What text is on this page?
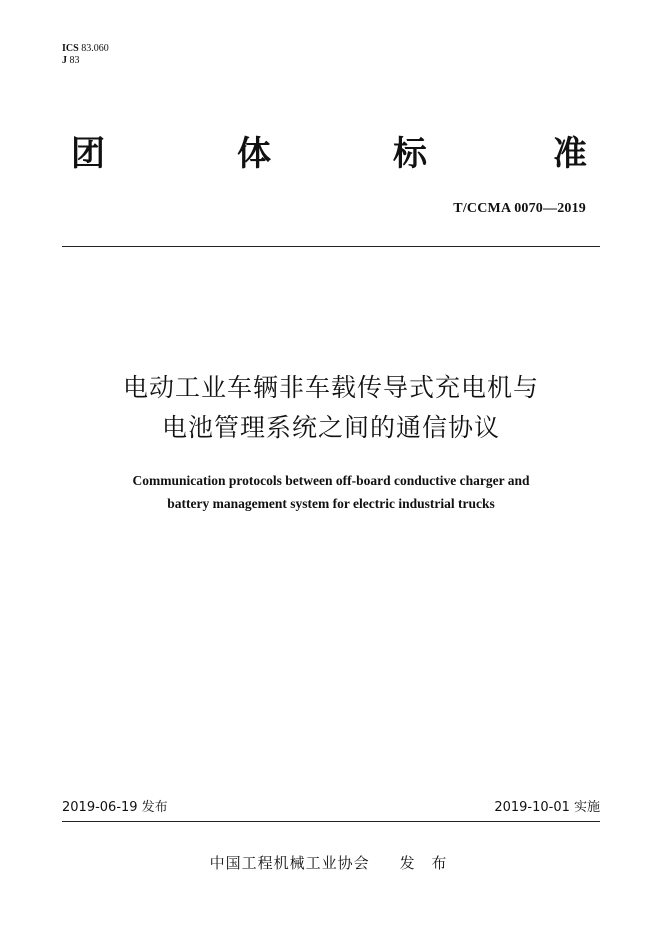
ICS 83.060
J 83
团	体	标	准
T/CCMA 0070—2019
电动工业车辆非车载传导式充电机与
电池管理系统之间的通信协议
Communication protocols between off-board conductive charger and
battery management system for electric industrial trucks
2019-06-19 发布	2019-10-01 实施
中国工程机械工业协会 发 布
